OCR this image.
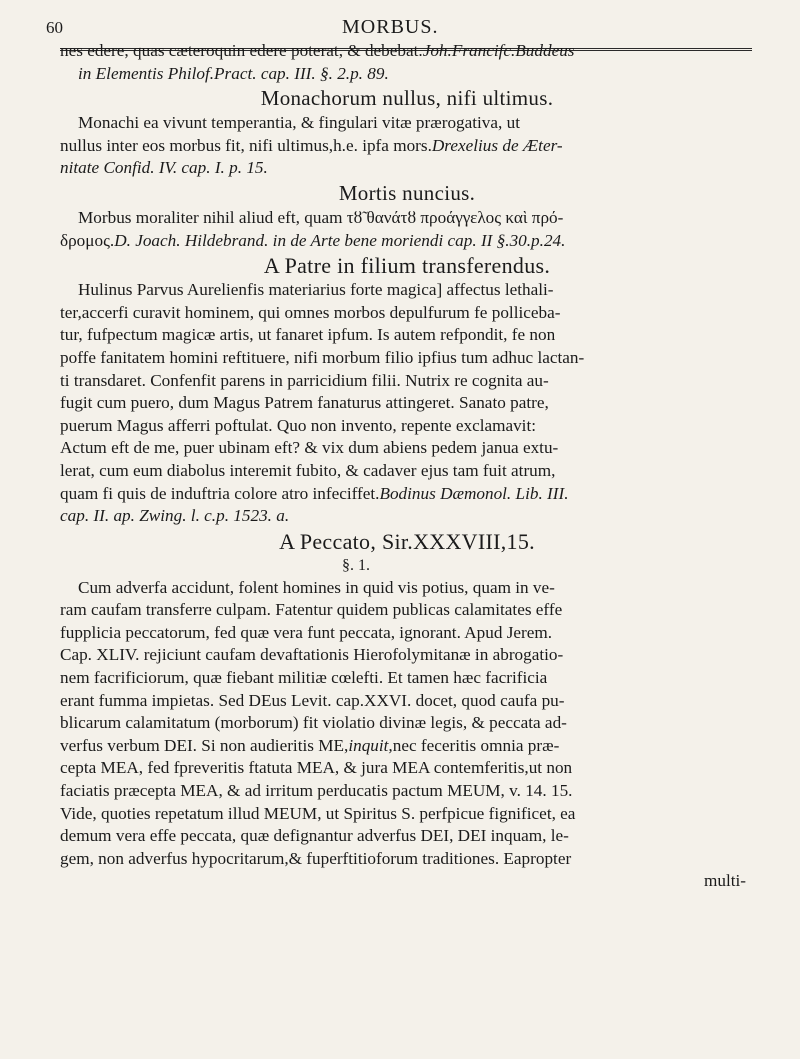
60	MORBUS.
nes edere, quas cæteroquin edere poterat, & debebat. Joh.Francifc.Buddeus
in Elementis Philof.Pract. cap. III. §. 2.p. 89.
Monachorum nullus, nifi ultimus.
Monachi ea vivunt temperantia, & fingulari vitæ prærogativa, ut
nullus inter eos morbus fit, nifi ultimus,h.e. ipfa mors. Drexelius de Æter-
nitate Confid. IV. cap. I. p. 15.
Mortis nuncius.
Morbus moraliter nihil aliud eft, quam τȣ̃ θανάτȣ πρoάγγελος καὶ πρό-
δρομος. D. Joach. Hildebrand. in de Arte bene moriendi cap. II §.30.p.24.
A Patre in filium transferendus.
Hulinus Parvus Aurelienfis materiarius forte magica] affectus lethali-
ter,accerfi curavit hominem, qui omnes morbos depulfurum fe polliceba-
tur, fufpectum magicæ artis, ut fanaret ipfum. Is autem refpondit, fe non
poffe fanitatem homini reftituere, nifi morbum filio ipfius tum adhuc lactan-
ti transdaret. Confenfit parens in parricidium filii. Nutrix re cognita au-
fugit cum puero, dum Magus Patrem fanaturus attingeret. Sanato patre,
puerum Magus afferri poftulat. Quo non invento, repente exclamavit:
Actum eft de me, puer ubinam eft? & vix dum abiens pedem janua extu-
lerat, cum eum diabolus interemit fubito, & cadaver ejus tam fuit atrum,
quam fi quis de induftria colore atro infeciffet. Bodinus Dæmonol. Lib. III.
cap. II. ap. Zwing. l. c.p. 1523. a.
A Peccato, Sir.XXXVIII,15.
§. 1.
Cum adverfa accidunt, folent homines in quid vis potius, quam in ve-
ram caufam transferre culpam. Fatentur quidem publicas calamitates effe
fupplicia peccatorum, fed quæ vera funt peccata, ignorant. Apud Jerem.
Cap. XLIV. rejiciunt caufam devaftationis Hierofolymitanæ in abrogatio-
nem facrificiorum, quæ fiebant militiæ cœlefti. Et tamen hæc facrificia
erant fumma impietas. Sed DEus Levit. cap.XXVI. docet, quod caufa pu-
blicarum calamitatum (morborum) fit violatio divinæ legis, & peccata ad-
verfus verbum DEI. Si non audieritis ME, inquit, nec feceritis omnia præ-
cepta MEA, fed fpreveritis ftatuta MEA, & jura MEA contemferitis,ut non
faciatis præcepta MEA, & ad irritum perducatis pactum MEUM, v. 14. 15.
Vide, quoties repetatum illud MEUM, ut Spiritus S. perfpicue fignificet, ea
demum vera effe peccata, quæ defignantur adverfus DEI, DEI inquam, le-
gem, non adverfus hypocritarum,& fuperftitioforum traditiones. Eapropter
multi-
